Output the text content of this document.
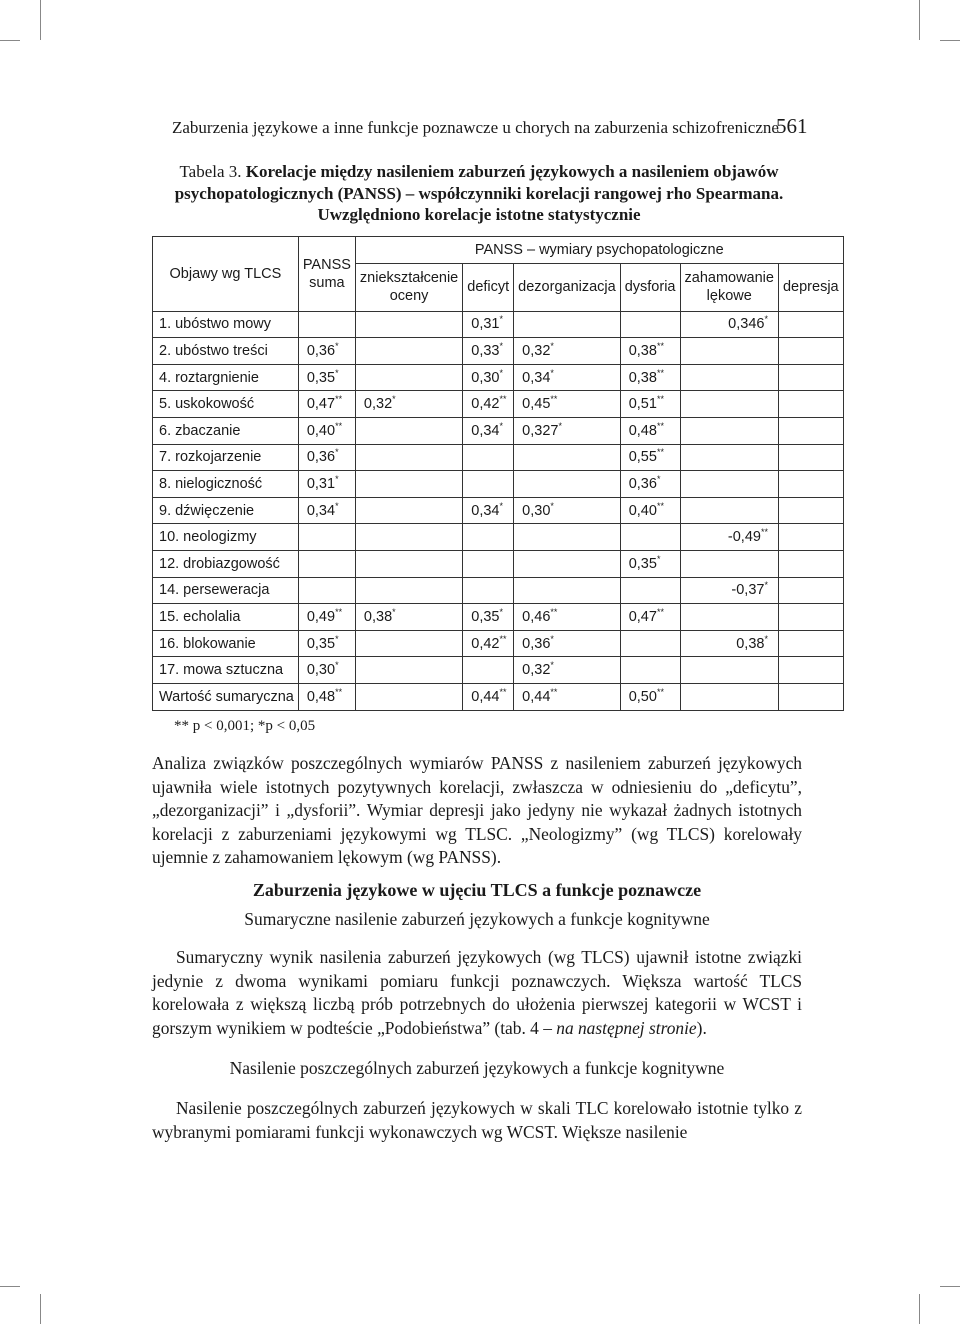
Zaburzenia językowe a inne funkcje poznawcze u chorych na zaburzenia schizofreniczne
561
Tabela 3. Korelacje między nasileniem zaburzeń językowych a nasileniem objawów psychopatologicznych (PANSS) – współczynniki korelacji rangowej rho Spearmana. Uwzględniono korelacje istotne statystycznie
Objawy wg TLCS	PANSS suma	PANSS – wymiary psychopatologiczne					
		zniekształcenie oceny	deficyt	dezorganizacja	dysforia	zahamowanie lękowe	depresja
1. ubóstwo mowy			0,31*			0,346*	
2. ubóstwo treści	0,36*		0,33*	0,32*	0,38**		
4. roztargnienie	0,35*		0,30*	0,34*	0,38**		
5. uskokowość	0,47**	0,32*	0,42**	0,45**	0,51**		
6. zbaczanie	0,40**		0,34*	0,327*	0,48**		
7. rozkojarzenie	0,36*				0,55**		
8. nielogiczność	0,31*				0,36*		
9. dźwięczenie	0,34*		0,34*	0,30*	0,40**		
10. neologizmy						-0,49**	
12. drobiazgowość					0,35*		
14. perseweracja						-0,37*	
15. echolalia	0,49**	0,38*	0,35*	0,46**	0,47**		
16. blokowanie	0,35*		0,42**	0,36*		0,38*	
17. mowa sztuczna	0,30*			0,32*			
Wartość sumaryczna	0,48**		0,44**	0,44**	0,50**		
** p < 0,001; *p < 0,05
Analiza związków poszczególnych wymiarów PANSS z nasileniem zaburzeń językowych ujawniła wiele istotnych pozytywnych korelacji, zwłaszcza w odniesieniu do „deficytu”, „dezorganizacji” i „dysforii”. Wymiar depresji jako jedyny nie wykazał żadnych istotnych korelacji z zaburzeniami językowymi wg TLSC. „Neologizmy” (wg TLCS) korelowały ujemnie z zahamowaniem lękowym (wg PANSS).
Zaburzenia językowe w ujęciu TLCS a funkcje poznawcze
Sumaryczne nasilenie zaburzeń językowych a funkcje kognitywne
Sumaryczny wynik nasilenia zaburzeń językowych (wg TLCS) ujawnił istotne związki jedynie z dwoma wynikami pomiaru funkcji poznawczych. Większa wartość TLCS korelowała z większą liczbą prób potrzebnych do ułożenia pierwszej kategorii w WCST i gorszym wynikiem w podteście „Podobieństwa” (tab. 4 – na następnej stronie).
Nasilenie poszczególnych zaburzeń językowych a funkcje kognitywne
Nasilenie poszczególnych zaburzeń językowych w skali TLC korelowało istotnie tylko z wybranymi pomiarami funkcji wykonawczych wg WCST. Większe nasilenie
